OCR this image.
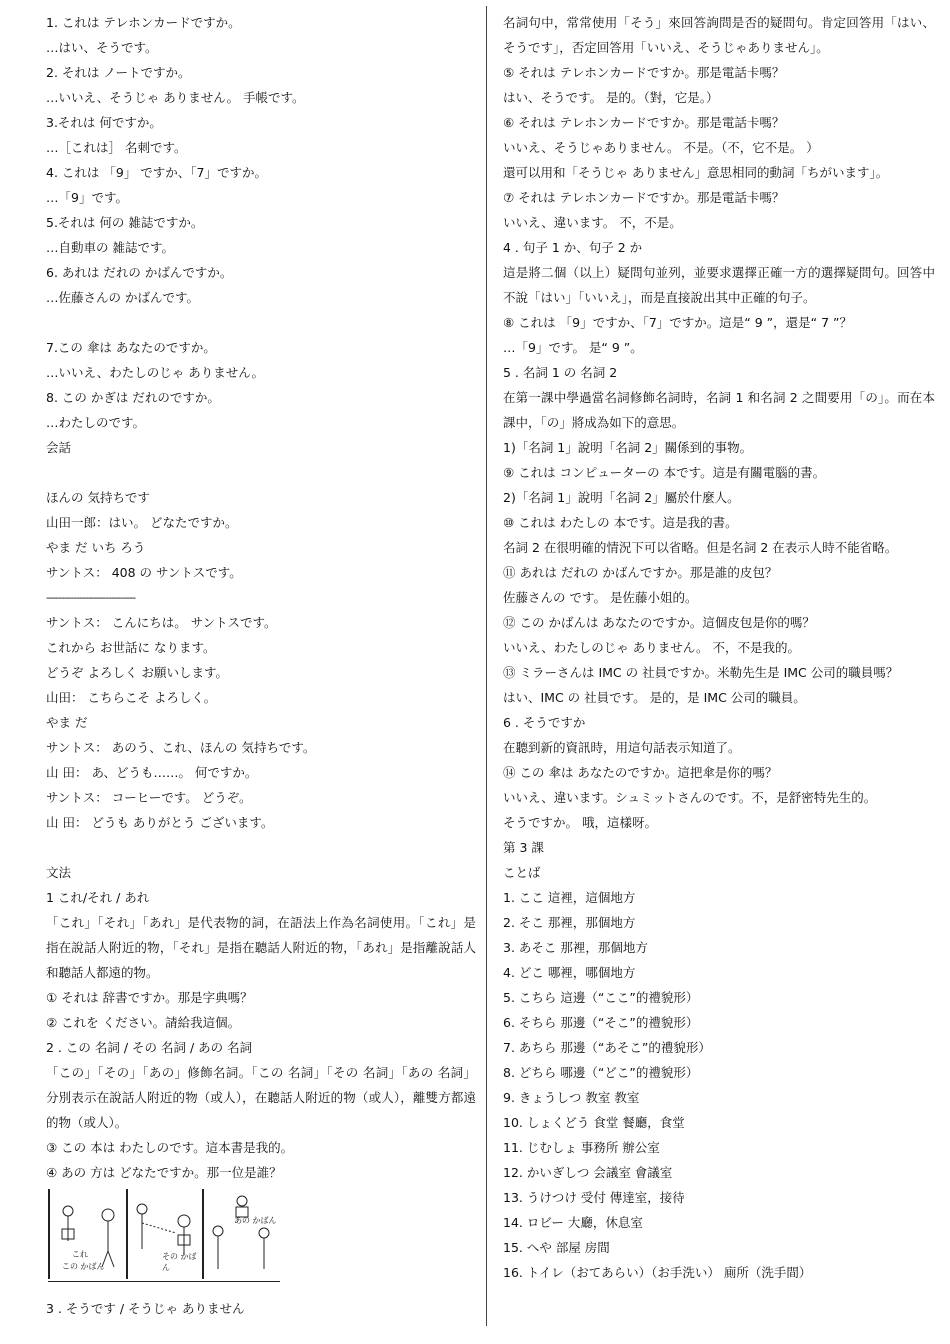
1. これは テレホンカードですか。
…はい、そうです。
2. それは ノートですか。
…いいえ、そうじゃ ありません。 手帳です。
3.それは 何ですか。
…［これは］ 名刺です。
4. これは 「9」 ですか、「7」ですか。
…「9」です。
5.それは 何の 雑誌ですか。
…自動車の 雑誌です。
6. あれは だれの かばんですか。
…佐藤さんの かばんです。
7.この 傘は あなたのですか。
…いいえ、わたしのじゃ ありません。
8. この かぎは だれのですか。
…わたしのです。
会話
ほんの 気持ちです
山田一郎：はい。 どなたですか。
やま だ いち ろう
サントス： 408 の サントスです。
------------------------------
サントス： こんにちは。 サントスです。
これから お世話に なります。
どうぞ よろしく お願いします。
山田： こちらこそ よろしく。
やま だ
サントス： あのう、これ、ほんの 気持ちです。
山 田： あ、どうも……。 何ですか。
サントス： コーヒーです。 どうぞ。
山 田： どうも ありがとう ございます。
文法
1 これ/それ / あれ
「これ」「それ」「あれ」是代表物的詞，在語法上作為名詞使用。「これ」是指在說話人附近的物，「それ」是指在聽話人附近的物，「あれ」是指離說話人和聽話人都遠的物。
① それは 辞書ですか。那是字典嗎？
② これを ください。請給我這個。
2 . この 名詞 / その 名詞 / あの 名詞
「この」「その」「あの」修飾名詞。「この 名詞」「その 名詞」「あの 名詞」分別表示在說話人附近的物（或人），在聽話人附近的物（或人），離雙方都遠的物（或人）。
③ この 本は わたしのです。這本書是我的。
④ あの 方は どなたですか。那一位是誰？
これ
この かばん
その かばん
あの かばん
3 . そうです / そうじゃ ありません
名詞句中，常常使用「そう」來回答詢問是否的疑問句。肯定回答用「はい、そうです」，否定回答用「いいえ、そうじゃありません」。
⑤ それは テレホンカードですか。那是電話卡嗎？
はい、そうです。 是的。（對，它是。）
⑥ それは テレホンカードですか。那是電話卡嗎？
いいえ、そうじゃありません。 不是。（不，它不是。 ）
還可以用和「そうじゃ ありません」意思相同的動詞「ちがいます」。
⑦ それは テレホンカードですか。那是電話卡嗎？
いいえ、違います。 不，不是。
4 . 句子 1 か、句子 2 か
這是將二個（以上）疑問句並列，並要求選擇正確一方的選擇疑問句。回答中不說「はい」「いいえ」，而是直接說出其中正確的句子。
⑧ これは 「9」ですか、「7」ですか。這是“ 9 ”，還是“ 7 ”？
…「9」です。 是“ 9 ”。
5 . 名詞 1 の 名詞 2
在第一課中學過當名詞修飾名詞時，名詞 1 和名詞 2 之間要用「の」。而在本課中，「の」將成為如下的意思。
1)「名詞 1」說明「名詞 2」關係到的事物。
⑨ これは コンピューターの 本です。這是有關電腦的書。
2)「名詞 1」說明「名詞 2」屬於什麼人。
⑩ これは わたしの 本です。這是我的書。
名詞 2 在很明確的情況下可以省略。但是名詞 2 在表示人時不能省略。
⑪ あれは だれの かばんですか。那是誰的皮包？
佐藤さんの です。 是佐藤小姐的。
⑫ この かばんは あなたのですか。這個皮包是你的嗎？
いいえ、わたしのじゃ ありません。 不，不是我的。
⑬ ミラーさんは IMC の 社員ですか。米勒先生是 IMC 公司的職員嗎？
はい、IMC の 社員です。 是的，是 IMC 公司的職員。
6 . そうですか
在聽到新的資訊時，用這句話表示知道了。
⑭ この 傘は あなたのですか。這把傘是你的嗎？
いいえ、違います。シュミットさんのです。不，是舒密特先生的。
そうですか。 哦，這樣呀。
第 3 課
ことば
1. ここ 這裡，這個地方
2. そこ 那裡，那個地方
3. あそこ 那裡，那個地方
4. どこ 哪裡，哪個地方
5. こちら 這邊（“ここ”的禮貌形）
6. そちら 那邊（“そこ”的禮貌形）
7. あちら 那邊（“あそこ”的禮貌形）
8. どちら 哪邊（“どこ”的禮貌形）
9. きょうしつ 教室 教室
10. しょくどう 食堂 餐廳，食堂
11. じむしょ 事務所 辦公室
12. かいぎしつ 会議室 會議室
13. うけつけ 受付 傳達室，接待
14. ロビー 大廳，休息室
15. へや 部屋 房間
16. トイレ（おてあらい）（お手洗い） 廁所（洗手間）
